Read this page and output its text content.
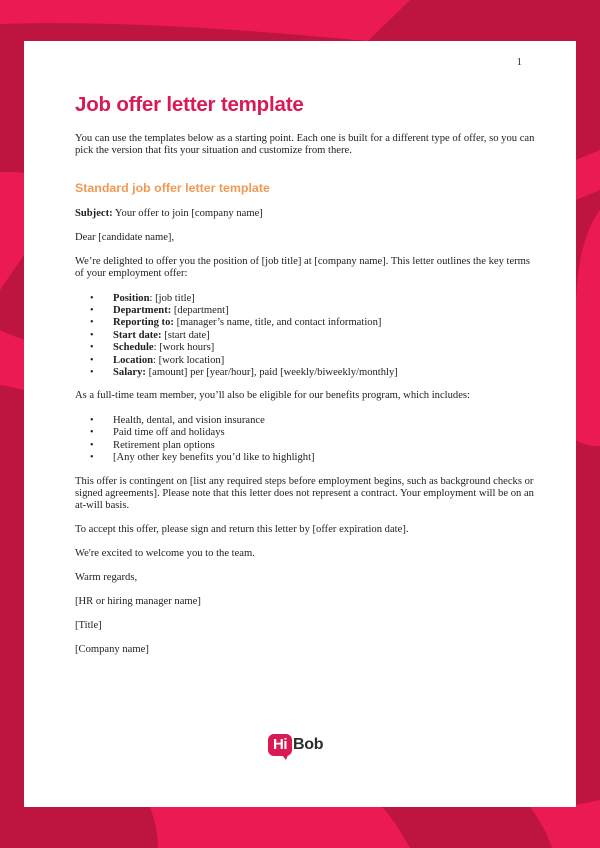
1
Job offer letter template

You can use the templates below as a starting point. Each one is built for a different type of offer, so you can pick the version that fits your situation and customize from there.

Standard job offer letter template

Subject: Your offer to join [company name]

Dear [candidate name],

We’re delighted to offer you the position of [job title] at [company name]. This letter outlines the key terms of your employment offer:

• Position: [job title]
• Department: [department]
• Reporting to: [manager’s name, title, and contact information]
• Start date: [start date]
• Schedule: [work hours]
• Location: [work location]
• Salary: [amount] per [year/hour], paid [weekly/biweekly/monthly]

As a full-time team member, you’ll also be eligible for our benefits program, which includes:

• Health, dental, and vision insurance
• Paid time off and holidays
• Retirement plan options
• [Any other key benefits you’d like to highlight]

This offer is contingent on [list any required steps before employment begins, such as background checks or signed agreements]. Please note that this letter does not represent a contract. Your employment will be on an at-will basis.

To accept this offer, please sign and return this letter by [offer expiration date].

We're excited to welcome you to the team.

Warm regards,

[HR or hiring manager name]

[Title]

[Company name]

Hi Bob
